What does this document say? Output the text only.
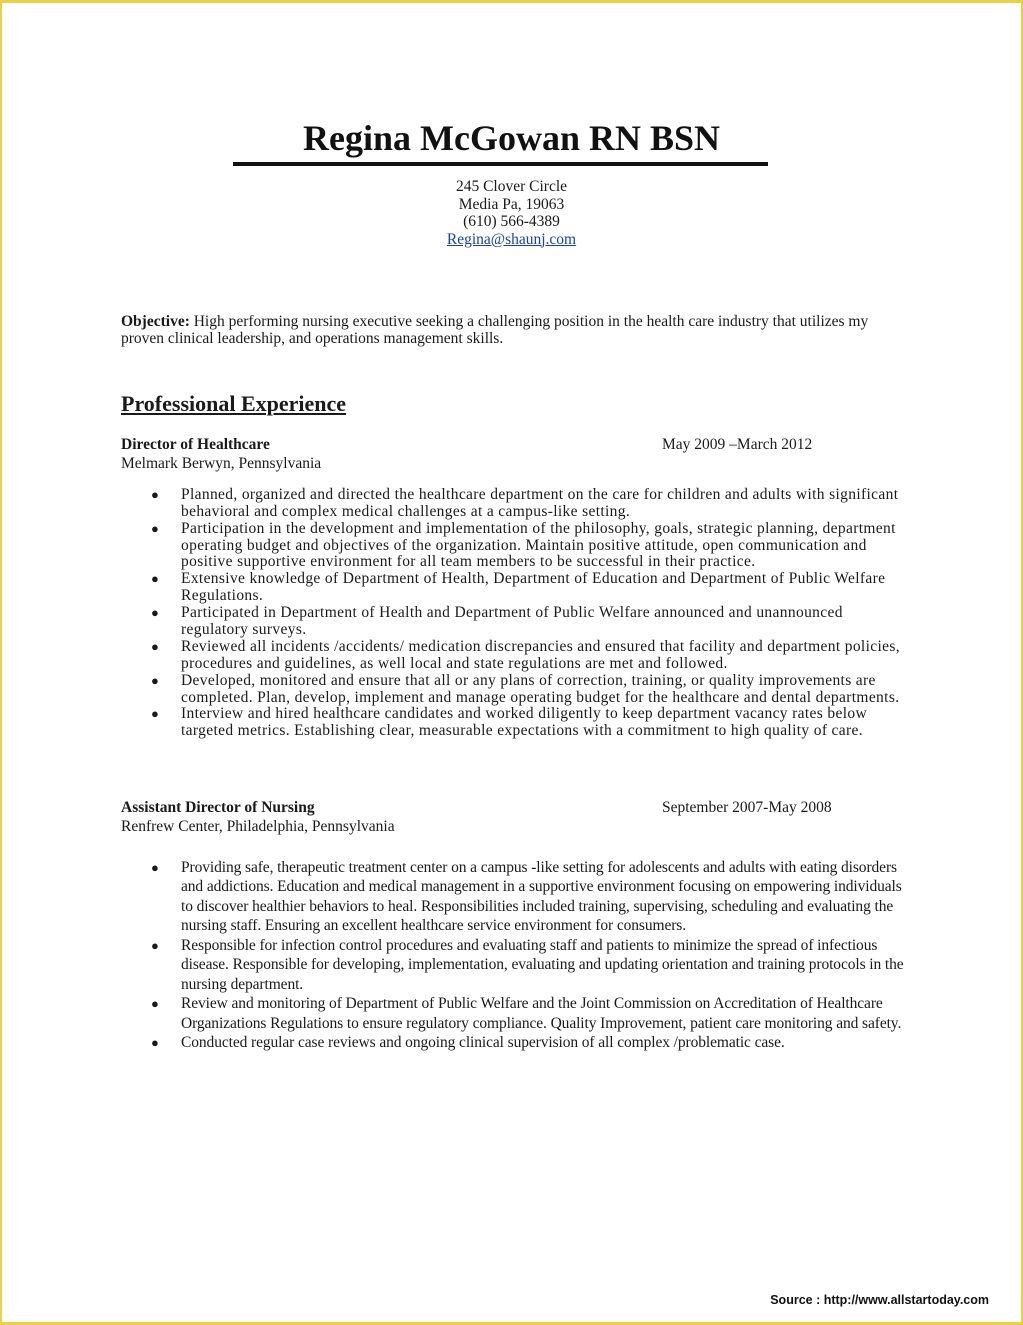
Regina McGowan RN BSN
245 Clover Circle
Media Pa, 19063
(610) 566-4389
Regina@shaunj.com
Objective: High performing nursing executive seeking a challenging position in the health care industry that utilizes my proven clinical leadership, and operations management skills.
Professional Experience
Director of Healthcare	May 2009 –March 2012
Melmark Berwyn, Pennsylvania
● Planned, organized and directed the healthcare department on the care for children and adults with significant behavioral and complex medical challenges at a campus-like setting.
● Participation in the development and implementation of the philosophy, goals, strategic planning, department operating budget and objectives of the organization. Maintain positive attitude, open communication and positive supportive environment for all team members to be successful in their practice.
● Extensive knowledge of Department of Health, Department of Education and Department of Public Welfare Regulations.
● Participated in Department of Health and Department of Public Welfare announced and unannounced regulatory surveys.
● Reviewed all incidents /accidents/ medication discrepancies and ensured that facility and department policies, procedures and guidelines, as well local and state regulations are met and followed.
● Developed, monitored and ensure that all or any plans of correction, training, or quality improvements are completed. Plan, develop, implement and manage operating budget for the healthcare and dental departments.
● Interview and hired healthcare candidates and worked diligently to keep department vacancy rates below targeted metrics. Establishing clear, measurable expectations with a commitment to high quality of care.
Assistant Director of Nursing	September 2007-May 2008
Renfrew Center, Philadelphia, Pennsylvania
● Providing safe, therapeutic treatment center on a campus -like setting for adolescents and adults with eating disorders and addictions. Education and medical management in a supportive environment focusing on empowering individuals to discover healthier behaviors to heal. Responsibilities included training, supervising, scheduling and evaluating the nursing staff. Ensuring an excellent healthcare service environment for consumers.
● Responsible for infection control procedures and evaluating staff and patients to minimize the spread of infectious disease. Responsible for developing, implementation, evaluating and updating orientation and training protocols in the nursing department.
● Review and monitoring of Department of Public Welfare and the Joint Commission on Accreditation of Healthcare Organizations Regulations to ensure regulatory compliance. Quality Improvement, patient care monitoring and safety.
● Conducted regular case reviews and ongoing clinical supervision of all complex /problematic case.
Source : http://www.allstartoday.com
